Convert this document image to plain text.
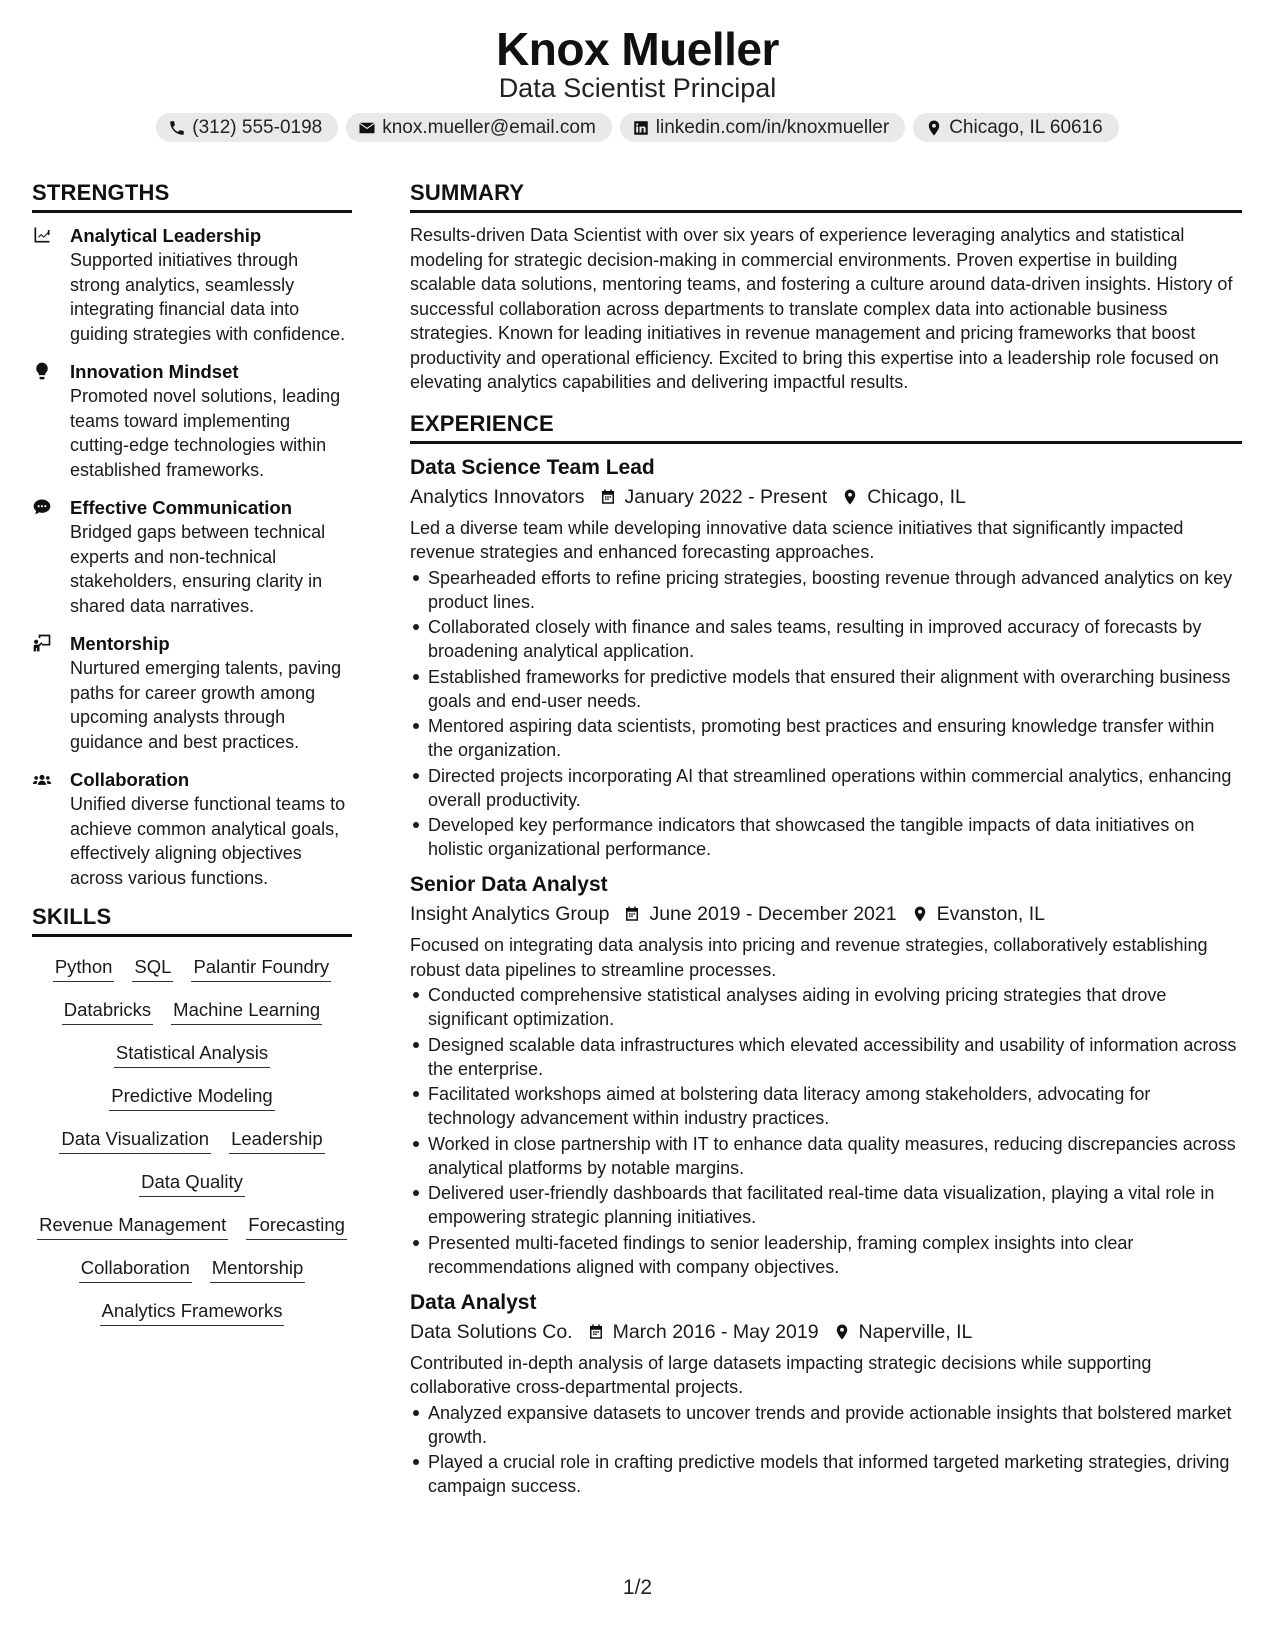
Knox Mueller
Data Scientist Principal
(312) 555-0198	knox.mueller@email.com	linkedin.com/in/knoxmueller	Chicago, IL 60616
STRENGTHS
Analytical Leadership
Supported initiatives through strong analytics, seamlessly integrating financial data into guiding strategies with confidence.
Innovation Mindset
Promoted novel solutions, leading teams toward implementing cutting-edge technologies within established frameworks.
Effective Communication
Bridged gaps between technical experts and non-technical stakeholders, ensuring clarity in shared data narratives.
Mentorship
Nurtured emerging talents, paving paths for career growth among upcoming analysts through guidance and best practices.
Collaboration
Unified diverse functional teams to achieve common analytical goals, effectively aligning objectives across various functions.
SKILLS
Python SQL Palantir Foundry
Databricks Machine Learning
Statistical Analysis
Predictive Modeling
Data Visualization Leadership
Data Quality
Revenue Management Forecasting
Collaboration Mentorship
Analytics Frameworks
SUMMARY
Results-driven Data Scientist with over six years of experience leveraging analytics and statistical modeling for strategic decision-making in commercial environments. Proven expertise in building scalable data solutions, mentoring teams, and fostering a culture around data-driven insights. History of successful collaboration across departments to translate complex data into actionable business strategies. Known for leading initiatives in revenue management and pricing frameworks that boost productivity and operational efficiency. Excited to bring this expertise into a leadership role focused on elevating analytics capabilities and delivering impactful results.
EXPERIENCE
Data Science Team Lead
Analytics Innovators January 2022 - Present Chicago, IL
Led a diverse team while developing innovative data science initiatives that significantly impacted revenue strategies and enhanced forecasting approaches.
Spearheaded efforts to refine pricing strategies, boosting revenue through advanced analytics on key product lines.
Collaborated closely with finance and sales teams, resulting in improved accuracy of forecasts by broadening analytical application.
Established frameworks for predictive models that ensured their alignment with overarching business goals and end-user needs.
Mentored aspiring data scientists, promoting best practices and ensuring knowledge transfer within the organization.
Directed projects incorporating AI that streamlined operations within commercial analytics, enhancing overall productivity.
Developed key performance indicators that showcased the tangible impacts of data initiatives on holistic organizational performance.
Senior Data Analyst
Insight Analytics Group June 2019 - December 2021 Evanston, IL
Focused on integrating data analysis into pricing and revenue strategies, collaboratively establishing robust data pipelines to streamline processes.
Conducted comprehensive statistical analyses aiding in evolving pricing strategies that drove significant optimization.
Designed scalable data infrastructures which elevated accessibility and usability of information across the enterprise.
Facilitated workshops aimed at bolstering data literacy among stakeholders, advocating for technology advancement within industry practices.
Worked in close partnership with IT to enhance data quality measures, reducing discrepancies across analytical platforms by notable margins.
Delivered user-friendly dashboards that facilitated real-time data visualization, playing a vital role in empowering strategic planning initiatives.
Presented multi-faceted findings to senior leadership, framing complex insights into clear recommendations aligned with company objectives.
Data Analyst
Data Solutions Co. March 2016 - May 2019 Naperville, IL
Contributed in-depth analysis of large datasets impacting strategic decisions while supporting collaborative cross-departmental projects.
Analyzed expansive datasets to uncover trends and provide actionable insights that bolstered market growth.
Played a crucial role in crafting predictive models that informed targeted marketing strategies, driving campaign success.
1/2
